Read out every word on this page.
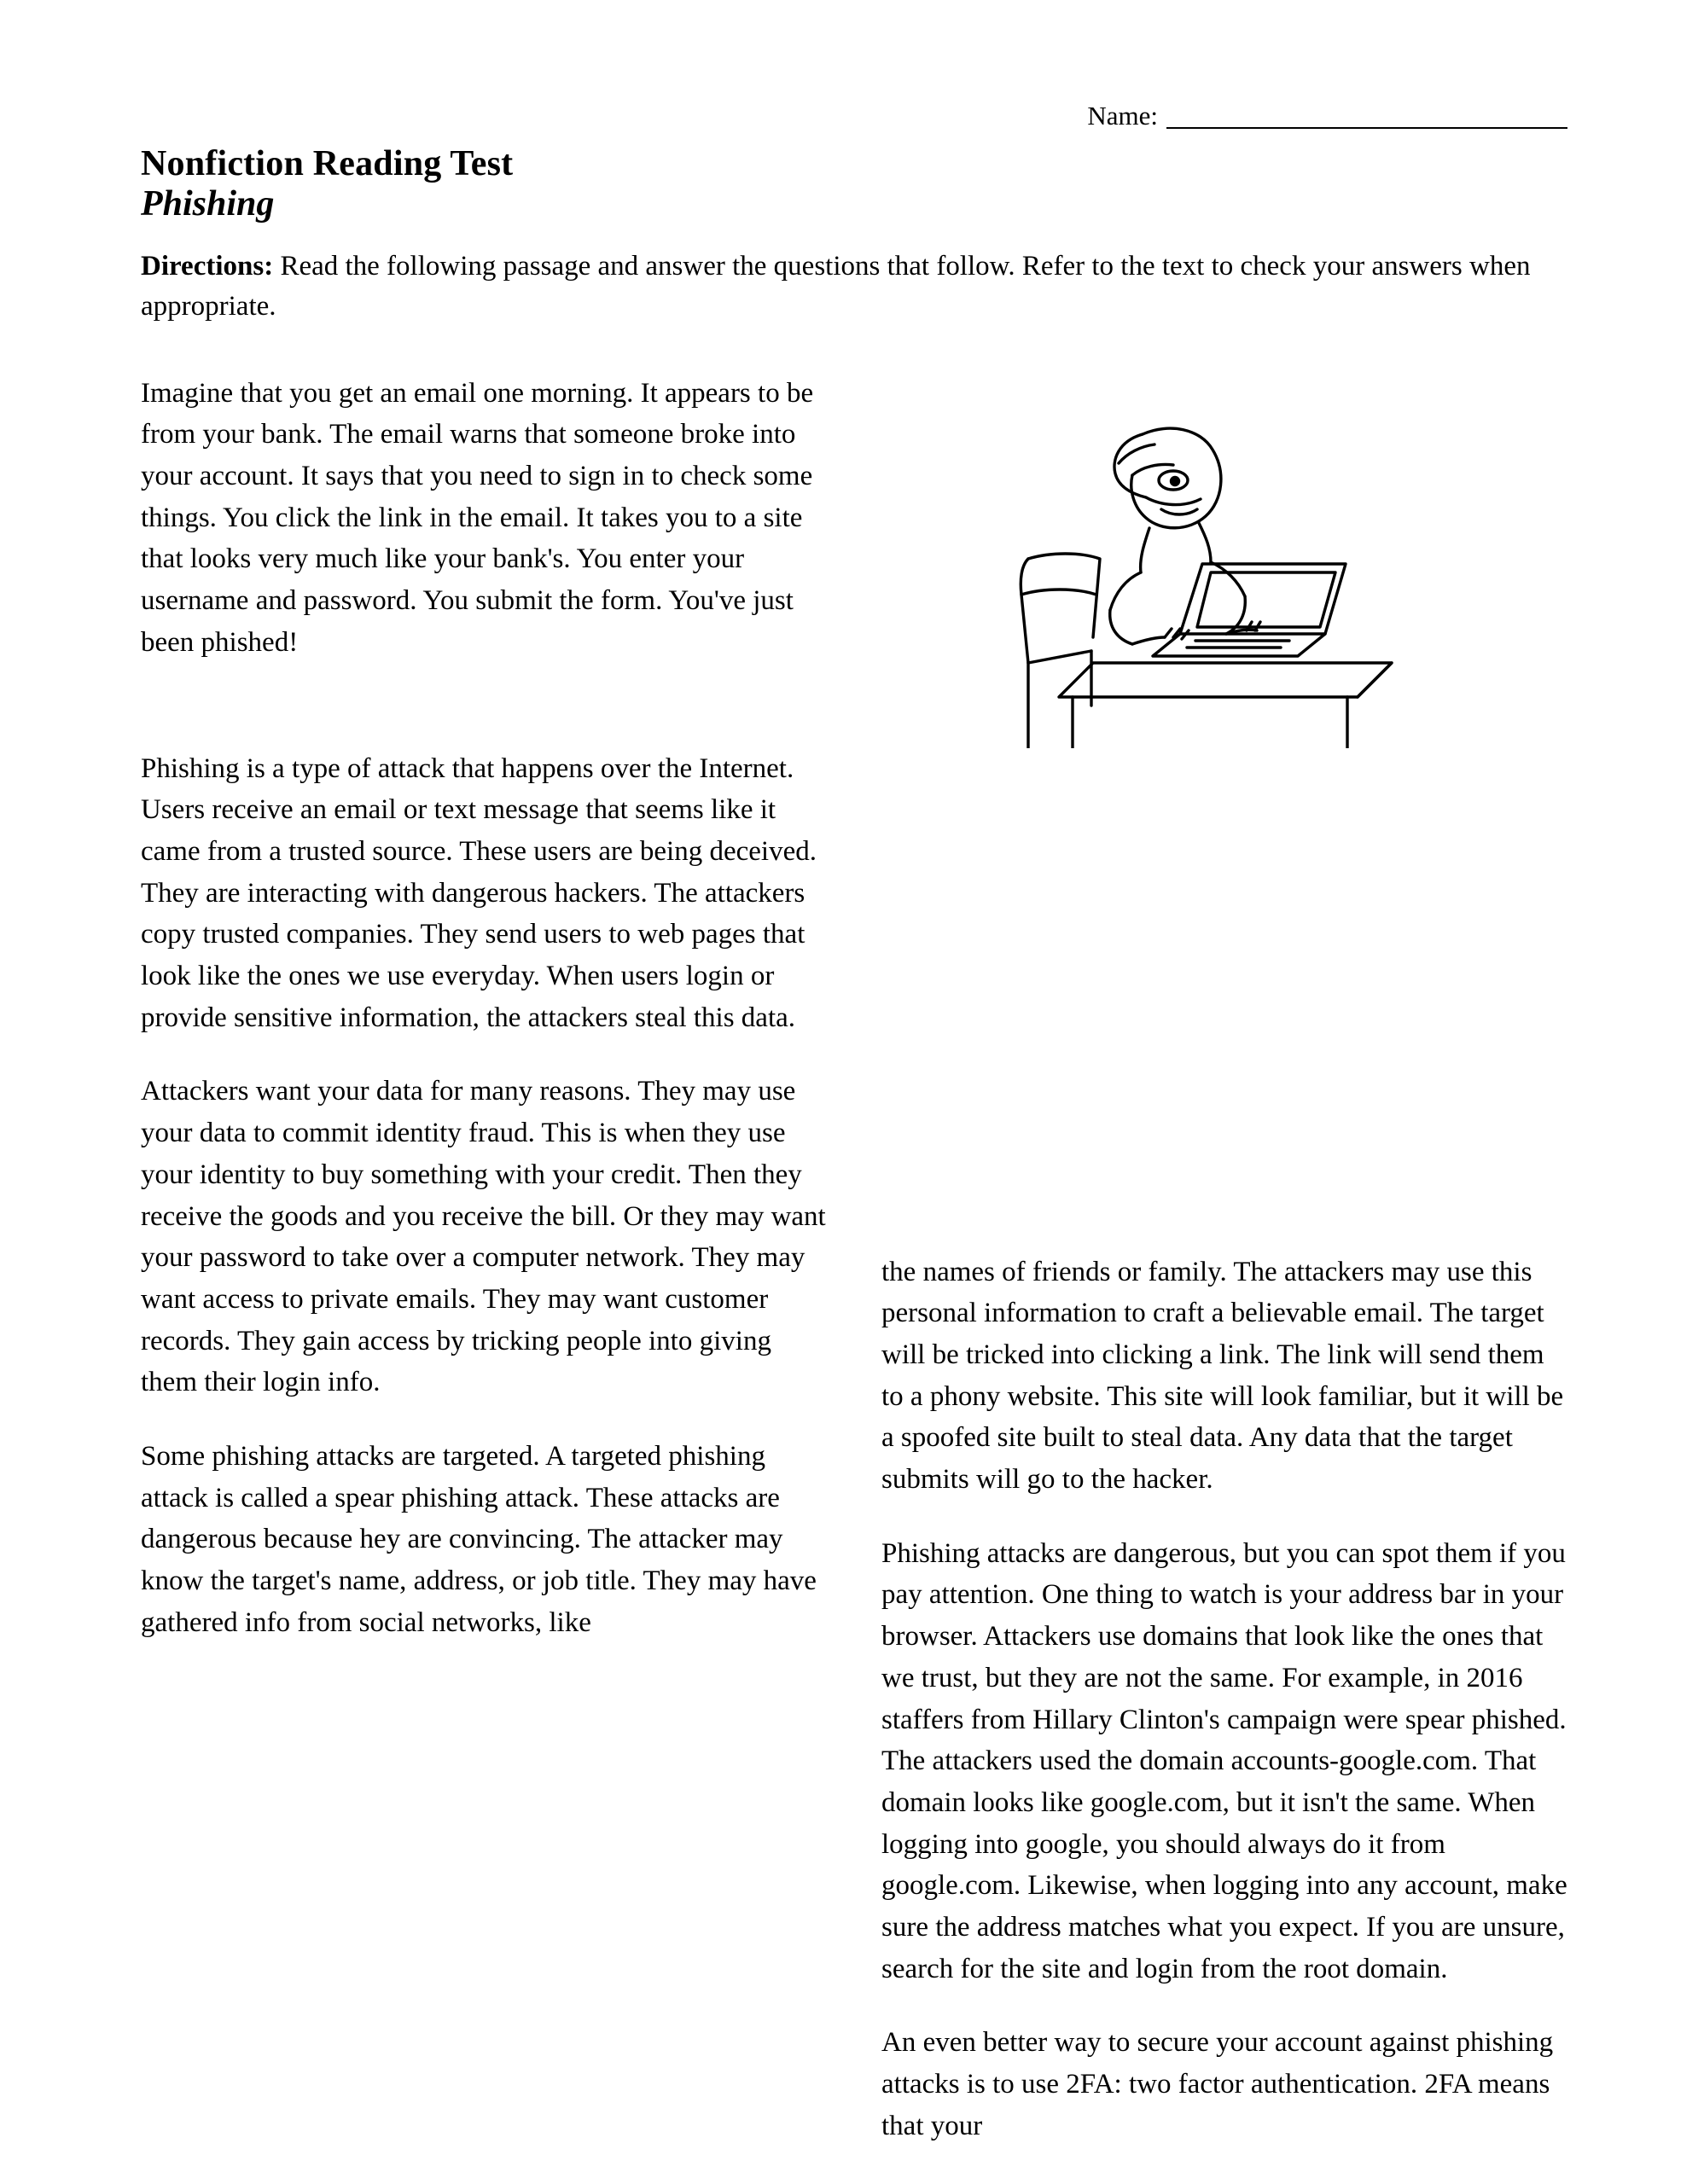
Name:
Nonfiction Reading Test
Phishing
Directions: Read the following passage and answer the questions that follow. Refer to the text to check your answers when appropriate.

Imagine that you get an email one morning. It appears to be from your bank. The email warns that someone broke into your account. It says that you need to sign in to check some things. You click the link in the email. It takes you to a site that looks very much like your bank's. You enter your username and password. You submit the form. You've just been phished!

Phishing is a type of attack that happens over the Internet. Users receive an email or text message that seems like it came from a trusted source. These users are being deceived. They are interacting with dangerous hackers. The attackers copy trusted companies. They send users to web pages that look like the ones we use everyday. When users login or provide sensitive information, the attackers steal this data.

Attackers want your data for many reasons. They may use your data to commit identity fraud. This is when they use your identity to buy something with your credit. Then they receive the goods and you receive the bill. Or they may want your password to take over a computer network. They may want access to private emails. They may want customer records. They gain access by tricking people into giving them their login info.

Some phishing attacks are targeted. A targeted phishing attack is called a spear phishing attack. These attacks are dangerous because hey are convincing. The attacker may know the target's name, address, or job title. They may have gathered info from social networks, like

the names of friends or family. The attackers may use this personal information to craft a believable email. The target will be tricked into clicking a link. The link will send them to a phony website. This site will look familiar, but it will be a spoofed site built to steal data. Any data that the target submits will go to the hacker.

Phishing attacks are dangerous, but you can spot them if you pay attention. One thing to watch is your address bar in your browser. Attackers use domains that look like the ones that we trust, but they are not the same. For example, in 2016 staffers from Hillary Clinton's campaign were spear phished. The attackers used the domain accounts-google.com. That domain looks like google.com, but it isn't the same. When logging into google, you should always do it from google.com. Likewise, when logging into any account, make sure the address matches what you expect. If you are unsure, search for the site and login from the root domain.

An even better way to secure your account against phishing attacks is to use 2FA: two factor authentication. 2FA means that your
